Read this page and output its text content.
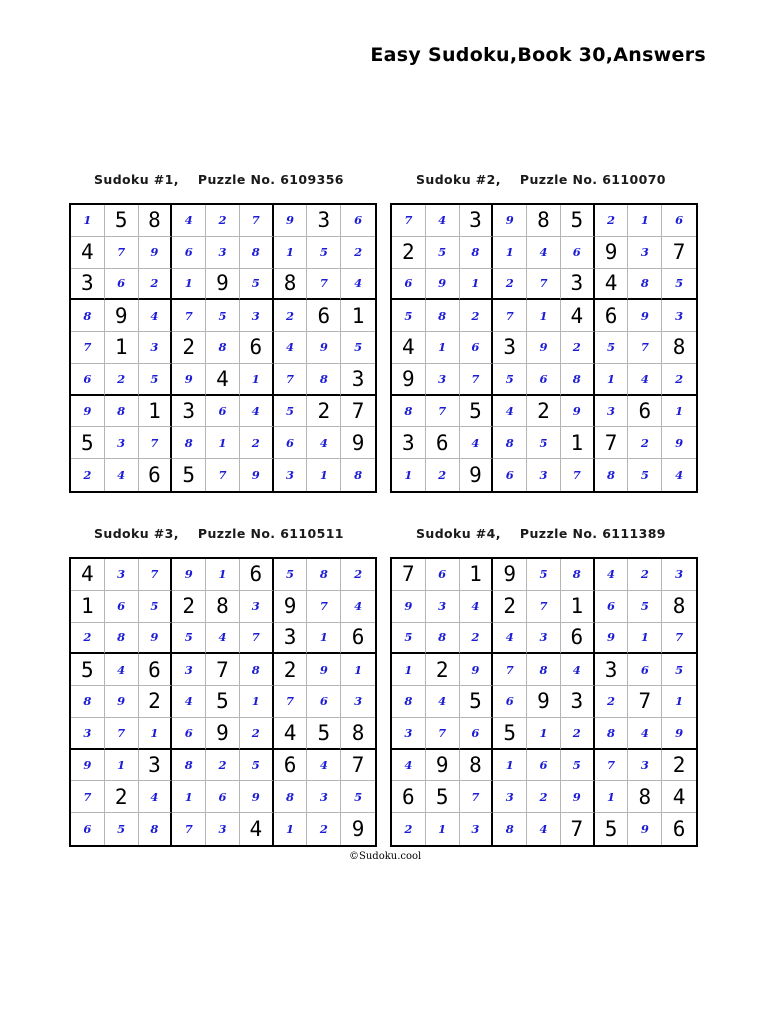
Easy Sudoku,Book 30,Answers
Sudoku #1,    Puzzle No. 6109356
1	5 8	4	2	7	9	3	6
4	7	9	6	3	8	1	5	2
3	6	2	1	9	5	8	7	4
8	9	4	7	5	3	2	6	1
7	1	3	2	8	6	4	9	5
6	2	5	9	4	1	7	8	3
9	8	1	3	6	4	5	2	7
5	3	7	8	1	2	6	4	9
2	4	6	5	7	9	3	1	8
Sudoku #2,    Puzzle No. 6110070
7	4	3	9	8 5	2	1	6
2	5	8	1	4	6	9	3	7
6	9	1	2	7	3	4	8	5
5	8	2	7	1	4	6	9	3
4	1	6	3	9	2	5	7	8
9	3	7	5	6	8	1	4	2
8	7	5	4	2	9	3	6	1
3	6	4	8	5	1	7	2	9
1	2	9	6	3	7	8	5	4
Sudoku #3,    Puzzle No. 6110511
4	3	7	9	1	6	5	8	2
1	6	5	2	8	3	9	7	4
2	8	9	5	4	7	3	1	6
5	4	6	3	7	8	2	9	1
8	9	2	4	5	1	7	6	3
3	7	1	6	9	2	4	5	8
9	1	3	8	2	5	6	4	7
7	2	4	1	6	9	8	3	5
6	5	8	7	3	4	1	2	9
Sudoku #4,    Puzzle No. 6111389
7	6	1	9	5	8	4	2	3
9	3	4	2	7	1	6	5	8
5	8	2	4	3	6	9	1	7
1	2	9	7	8	4	3	6	5
8	4	5	6	9 3	2	7	1
3	7	6	5	1	2	8	4	9
4	9 8	1	6	5	7	3	2
6	5	7	3	2	9	1	8	4
2	1	3	8	4	7	5	9	6
©Sudoku.cool
